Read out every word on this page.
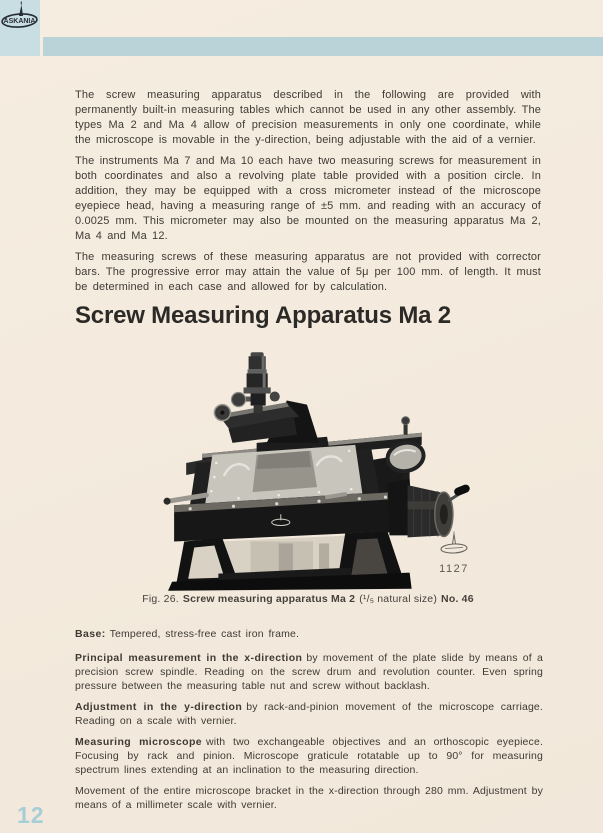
ASKANIA

The screw measuring apparatus described in the following are provided with permanently built-in measuring tables which cannot be used in any other assembly. The types Ma 2 and Ma 4 allow of precision measurements in only one coordinate, while the microscope is movable in the y-direction, being adjustable with the aid of a vernier.

The instruments Ma 7 and Ma 10 each have two measuring screws for measurement in both coordinates and also a revolving plate table provided with a position circle. In addition, they may be equipped with a cross micrometer instead of the microscope eyepiece head, having a measuring range of ±5 mm. and reading with an accuracy of 0.0025 mm. This micrometer may also be mounted on the measuring apparatus Ma 2, Ma 4 and Ma 12.

The measuring screws of these measuring apparatus are not provided with corrector bars. The progressive error may attain the value of 5μ per 100 mm. of length. It must be determined in each case and allowed for by calculation.

Screw Measuring Apparatus Ma 2
1127
Fig. 26. Screw measuring apparatus Ma 2 (¹/₅ natural size) No. 46

Base: Tempered, stress-free cast iron frame.

Principal measurement in the x-direction by movement of the plate slide by means of a precision screw spindle. Reading on the screw drum and revolution counter. Even spring pressure between the measuring table nut and screw without backlash.

Adjustment in the y-direction by rack-and-pinion movement of the microscope carriage. Reading on a scale with vernier.

Measuring microscope with two exchangeable objectives and an orthoscopic eyepiece. Focusing by rack and pinion. Microscope graticule rotatable up to 90° for measuring spectrum lines extending at an inclination to the measuring direction.

Movement of the entire microscope bracket in the x-direction through 280 mm. Adjustment by means of a millimeter scale with vernier.

12
